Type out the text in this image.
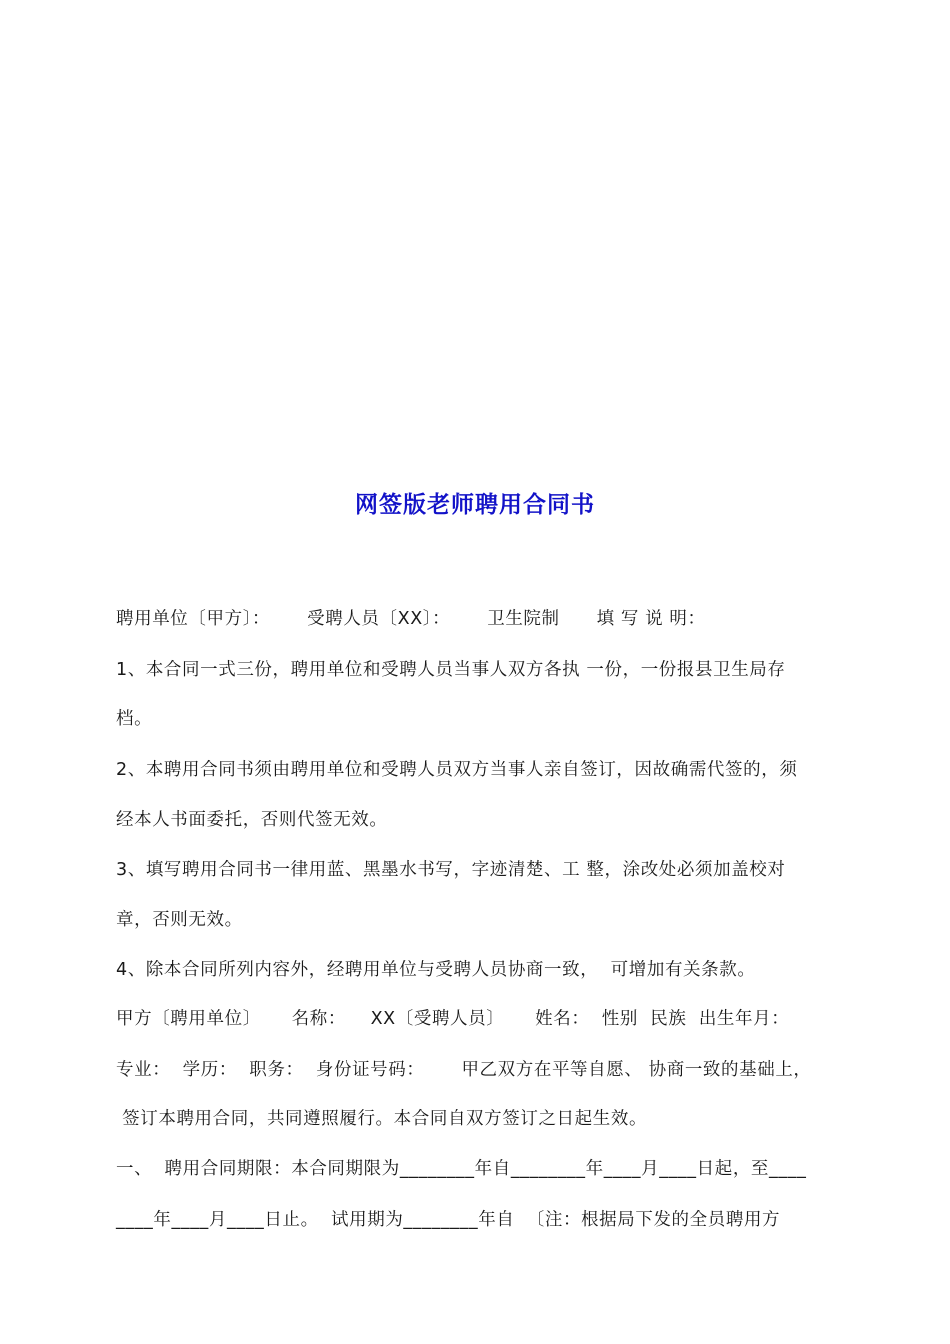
网签版老师聘用合同书
聘用单位〔甲方〕：      受聘人员〔XX〕：      卫生院制      填 写 说 明：
1、本合同一式三份，聘用单位和受聘人员当事人双方各执 一份，一份报县卫生局存
档。
2、本聘用合同书须由聘用单位和受聘人员双方当事人亲自签订，因故确需代签的，须
经本人书面委托，否则代签无效。
3、填写聘用合同书一律用蓝、黑墨水书写，字迹清楚、工 整，涂改处必须加盖校对
章，否则无效。
4、除本合同所列内容外，经聘用单位与受聘人员协商一致，  可增加有关条款。
甲方〔聘用单位〕     名称：    XX〔受聘人员〕     姓名：  性别  民族  出生年月：
专业：  学历：  职务：  身份证号码：      甲乙双方在平等自愿、 协商一致的基础上，
签订本聘用合同，共同遵照履行。本合同自双方签订之日起生效。
一、  聘用合同期限：本合同期限为________年自________年____月____日起，至____
____年____月____日止。  试用期为________年自  〔注：根据局下发的全员聘用方
